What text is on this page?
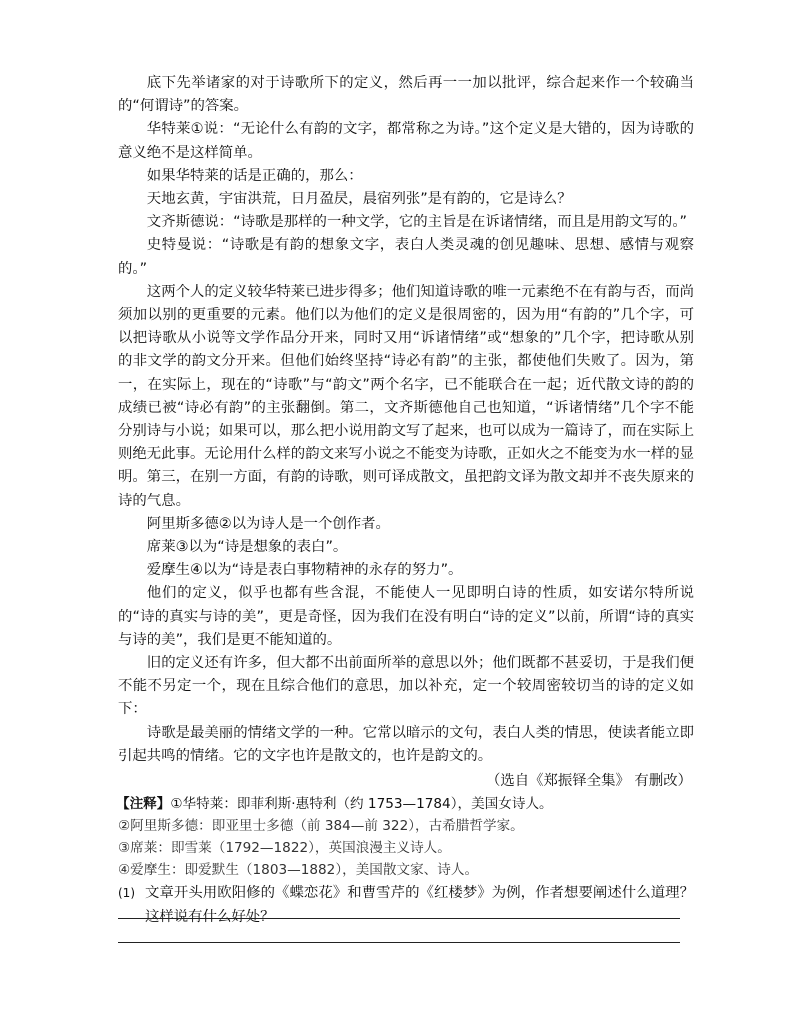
底下先举诸家的对于诗歌所下的定义，然后再一一加以批评，综合起来作一个较确当的“何谓诗”的答案。

华特莱①说：“无论什么有韵的文字，都常称之为诗。”这个定义是大错的，因为诗歌的意义绝不是这样简单。

如果华特莱的话是正确的，那么：

天地玄黄，宇宙洪荒，日月盈昃，晨宿列张”是有韵的，它是诗么？

文齐斯德说：“诗歌是那样的一种文学，它的主旨是在诉诸情绪，而且是用韵文写的。”

史特曼说：“诗歌是有韵的想象文字，表白人类灵魂的创见趣味、思想、感情与观察的。”

这两个人的定义较华特莱已进步得多；他们知道诗歌的唯一元素绝不在有韵与否，而尚须加以别的更重要的元素。他们以为他们的定义是很周密的，因为用“有韵的”几个字，可以把诗歌从小说等文学作品分开来，同时又用“诉诸情绪”或“想象的”几个字，把诗歌从别的非文学的韵文分开来。但他们始终坚持“诗必有韵”的主张，都使他们失败了。因为，第一，在实际上，现在的“诗歌”与“韵文”两个名字，已不能联合在一起；近代散文诗的韵的成绩已被“诗必有韵”的主张翻倒。第二，文齐斯德他自己也知道，“诉诸情绪”几个字不能分别诗与小说；如果可以，那么把小说用韵文写了起来，也可以成为一篇诗了，而在实际上则绝无此事。无论用什么样的韵文来写小说之不能变为诗歌，正如火之不能变为水一样的显明。第三，在别一方面，有韵的诗歌，则可译成散文，虽把韵文译为散文却并不丧失原来的诗的气息。

阿里斯多德②以为诗人是一个创作者。

席莱③以为“诗是想象的表白”。

爱摩生④以为“诗是表白事物精神的永存的努力”。

他们的定义，似乎也都有些含混，不能使人一见即明白诗的性质，如安诺尔特所说的“诗的真实与诗的美”，更是奇怪，因为我们在没有明白“诗的定义”以前，所谓“诗的真实与诗的美”，我们是更不能知道的。

旧的定义还有许多，但大都不出前面所举的意思以外；他们既都不甚妥切，于是我们便不能不另定一个，现在且综合他们的意思，加以补充，定一个较周密较切当的诗的定义如下：

诗歌是最美丽的情绪文学的一种。它常以暗示的文句，表白人类的情思，使读者能立即引起共鸣的情绪。它的文字也许是散文的，也许是韵文的。

（选自《郑振铎全集》 有删改）

【注释】①华特莱：即菲利斯·惠特利（约 1753—1784），美国女诗人。

②阿里斯多德：即亚里士多德（前 384—前 322），古希腊哲学家。

③席莱：即雪莱（1792—1822），英国浪漫主义诗人。

④爱摩生：即爱默生（1803—1882），美国散文家、诗人。

(1) 文章开头用欧阳修的《蝶恋花》和曹雪芹的《红楼梦》为例，作者想要阐述什么道理？这样说有什么好处？
